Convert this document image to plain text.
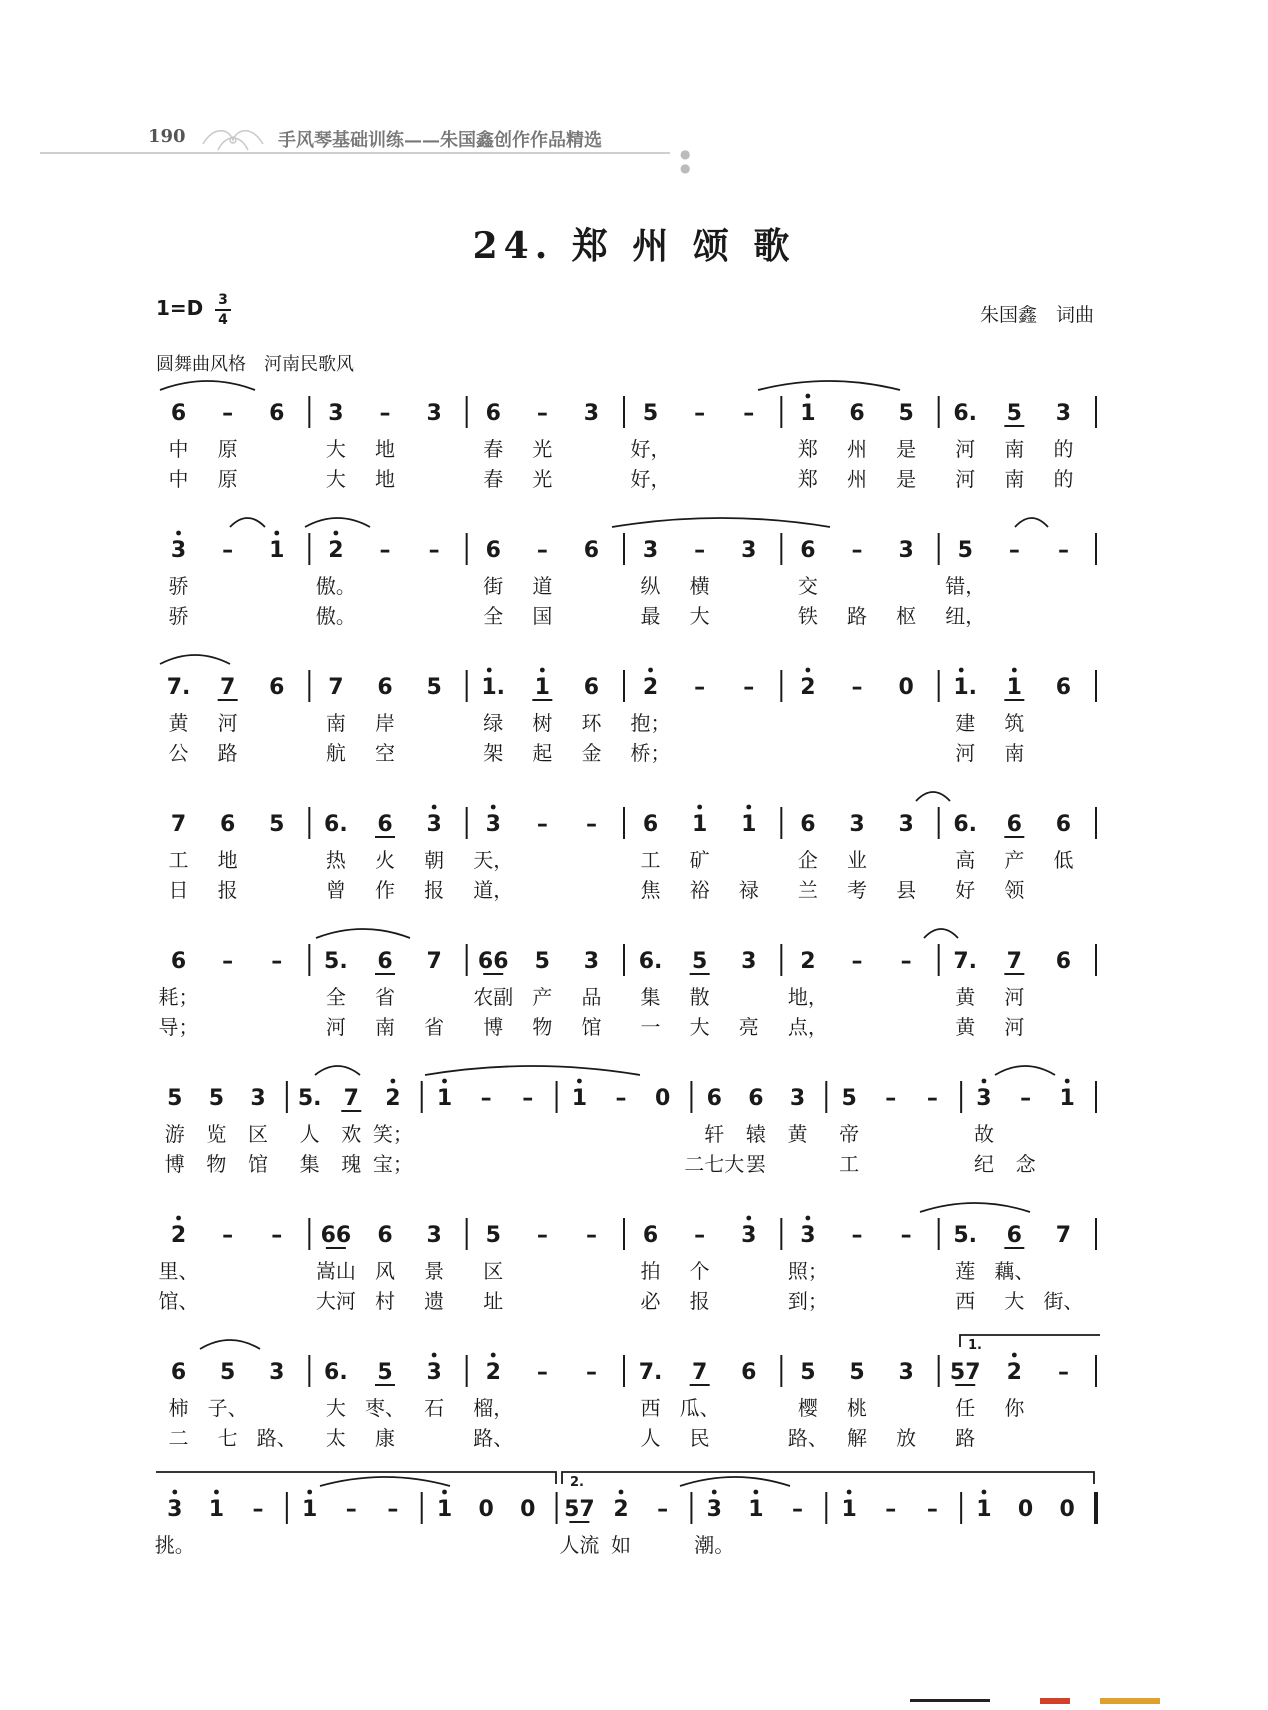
190	手风琴基础训练——朱国鑫创作作品精选
● ●
24. 郑 州 颂 歌
1=D	3
4	朱国鑫　词曲
圆舞曲风格　河南民歌风
6 – 6
中 原
中 原
3 – 3
大 地
大 地
6 – 3
春 光
春 光
5 – –
好，
好，
1 6 5
郑 州 是
郑 州 是
6. 5 3
河 南 的
河 南 的
3 – 1
骄
骄
2 – –
傲。
傲。
6 – 6
街 道
全 国
3 – 3
纵 横
最 大
6 – 3
交
铁 路 枢
5 – –
错，
纽，
7. 7 6
黄 河
公 路
7 6 5
南 岸
航 空
1. 1 6
绿 树 环
架 起 金
2 – –
抱；
桥；
2 – 0 1. 1 6
建 筑
河 南
7 6 5
工 地
日 报
6. 6 3
热 火 朝
曾 作 报
3 – –
天，
道，
6 1 1
工 矿
焦 裕 禄
6 3 3
企 业
兰 考 县
6. 6 6
高 产 低
好 领
6 – –
耗；
导；
5. 6 7
全 省
河 南 省
66 5 3
农副 产 品
博 物 馆
6. 5 3
集 散
一 大 亮
2 – –
地，
点，
7. 7 6
黄 河
黄 河
5 5 3
游 览 区
博 物 馆
5. 7 2
人 欢 笑；
集 瑰 宝；
1 – – 1 – 0 6 6 3
轩 辕 黄
二七大 罢
5 – –
帝
工
3 – 1
故
纪 念
2 – –
里、
馆、
66 6 3
嵩山 风 景
大河 村 遗
5 – –
区
址
6 – 3
拍 个
必 报
3 – –
照；
到；
5. 6 7
莲 藕、
西 大 街、
6 5 3
柿 子、
二 七 路、
6. 5 3
大 枣、 石
太 康
2 – –
榴，
路、
7. 7 6
西 瓜、
人 民
5 5 3
樱 桃
路、 解 放
57 2 –
任 你
路
3 1 –
挑。
1 – – 1 0 0 57 2 –
人流 如
3 1 –
潮。
1 – – 1 0 0
1.
2.
